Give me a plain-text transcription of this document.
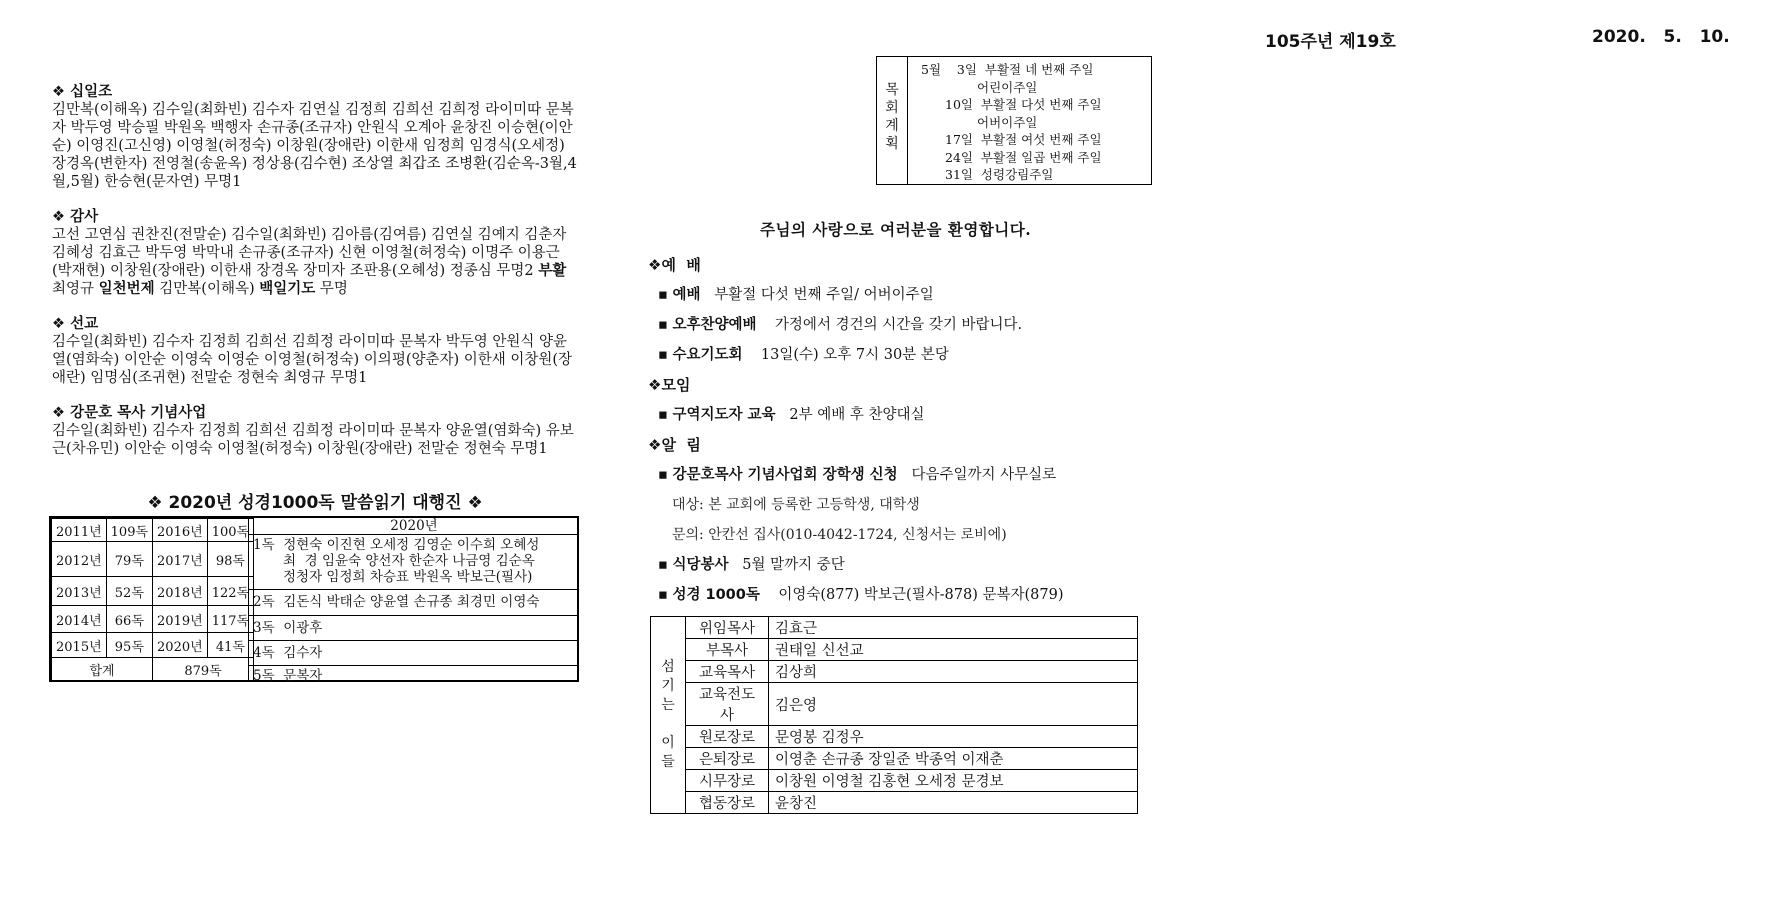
105주년 제19호	2020.   5.   10.

❖ 십일조

김만복(이해옥) 김수일(최화빈) 김수자 김연실 김정희 김희선 김희정 라이미따 문복자 박두영 박승필 박원옥 백행자 손규종(조규자) 안원식 오계아 윤창진 이승현(이안순) 이영진(고신영) 이영철(허정숙) 이창원(장애란) 이한새 임정희 임경식(오세정) 장경옥(변한자) 전영철(송윤옥) 정상용(김수현) 조상열 최갑조 조병환(김순옥-3월,4월,5월) 한승현(문자연) 무명1

❖ 감사

고선 고연심 권찬진(전말순) 김수일(최화빈) 김아름(김여름) 김연실 김예지 김춘자 김혜성 김효근 박두영 박막내 손규종(조규자) 신현 이영철(허정숙) 이명주 이용근(박재현) 이창원(장애란) 이한새 장경옥 장미자 조판용(오혜성) 정종심 무명2 부활 최영규 일천번제 김만복(이해옥) 백일기도 무명

❖ 선교

김수일(최화빈) 김수자 김정희 김희선 김희정 라이미따 문복자 박두영 안원식 양윤열(염화숙) 이안순 이영숙 이영순 이영철(허정숙) 이의평(양춘자) 이한새 이창원(장애란) 임명심(조귀현) 전말순 정현숙 최영규 무명1

❖ 강문호 목사 기념사업

김수일(최화빈) 김수자 김정희 김희선 김희정 라이미따 문복자 양윤열(염화숙) 유보근(차유민) 이안순 이영숙 이영철(허정숙) 이창원(장애란) 전말순 정현숙 무명1

❖ 2020년 성경1000독 말씀읽기 대행진 ❖
2011년	109독	2016년	100독
2012년	79독	2017년	98독
2013년	52독	2018년	122독
2014년	66독	2019년	117독
2015년	95독	2020년	41독
합계		879독	
2020년
1독  정현숙 이진현 오세정 김영순 이수희 오혜성
최  경 임윤숙 양선자 한순자 나금영 김순옥
정청자 임정희 차승표 박원옥 박보근(필사)
2독  김돈식 박태순 양윤열 손규종 최경민 이영숙
3독  이광후
4독  김수자
5독  문복자
목
회
계
획
5월    3일  부활절 네 번째 주일
어린이주일
10일  부활절 다섯 번째 주일
어버이주일
17일  부활절 여섯 번째 주일
24일  부활절 일곱 번째 주일
31일  성령강림주일
주님의 사랑으로 여러분을 환영합니다.
❖예  배
▪ 예배 부활절 다섯 번째 주일/ 어버이주일
▪ 오후찬양예배 가정에서 경건의 시간을 갖기 바랍니다.
▪ 수요기도회 13일(수) 오후 7시 30분 본당
❖모임
▪ 구역지도자 교육 2부 예배 후 찬양대실
❖알  림
▪ 강문호목사 기념사업회 장학생 신청 다음주일까지 사무실로
대상: 본 교회에 등록한 고등학생, 대학생
문의: 안칸선 집사(010-4042-1724, 신청서는 로비에)
▪ 식당봉사 5월 말까지 중단
▪ 성경 1000독 이영숙(877) 박보근(필사-878) 문복자(879)
섬
기
는
이
들	위임목사	김효근
	부목사	권태일 신선교
	교육목사	김상희
	교육전도사	김은영
	원로장로	문영봉 김정우
	은퇴장로	이영춘 손규종 장일준 박종억 이재춘
	시무장로	이창원 이영철 김홍현 오세정 문경보
	협동장로	윤창진
